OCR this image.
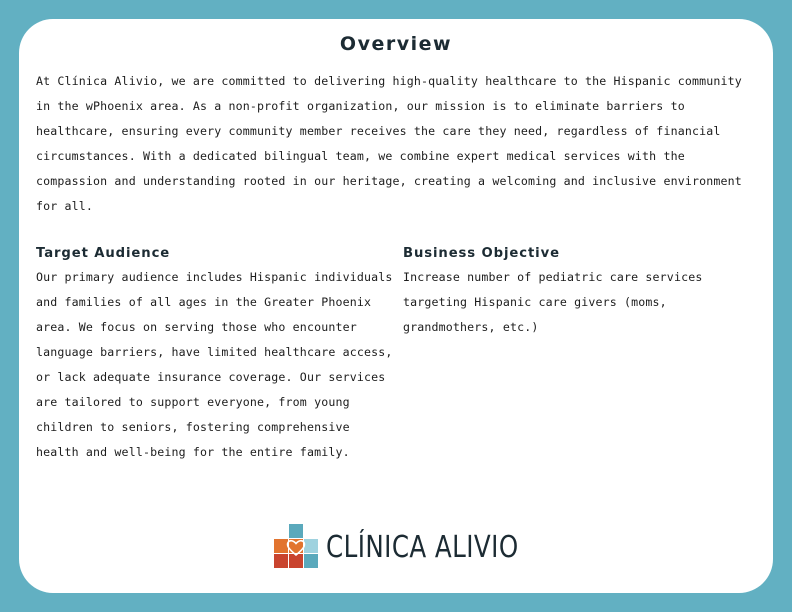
Overview

At Clínica Alivio, we are committed to delivering high-quality healthcare to the Hispanic community in the wPhoenix area. As a non-profit organization, our mission is to eliminate barriers to healthcare, ensuring every community member receives the care they need, regardless of financial circumstances. With a dedicated bilingual team, we combine expert medical services with the compassion and understanding rooted in our heritage, creating a welcoming and inclusive environment for all.

Target Audience

Our primary audience includes Hispanic individuals and families of all ages in the Greater Phoenix area. We focus on serving those who encounter language barriers, have limited healthcare access, or lack adequate insurance coverage. Our services are tailored to support everyone, from young children to seniors, fostering comprehensive health and well-being for the entire family.

Business Objective

Increase number of pediatric care services targeting Hispanic care givers (moms, grandmothers, etc.)

CLÍNICA ALIVIO
